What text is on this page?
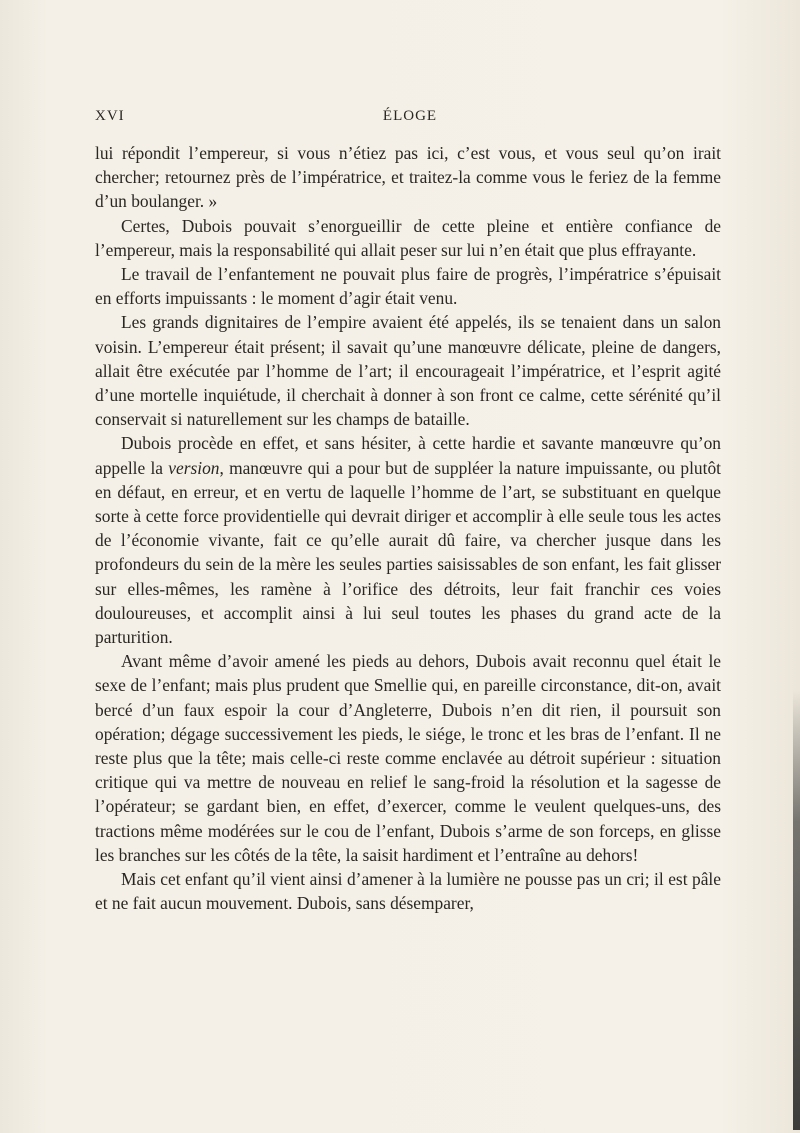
XVI	ÉLOGE

lui répondit l’empereur, si vous n’étiez pas ici, c’est vous, et vous seul qu’on irait chercher; retournez près de l’impératrice, et traitez-la comme vous le feriez de la femme d’un boulanger. »

Certes, Dubois pouvait s’enorgueillir de cette pleine et entière confiance de l’empereur, mais la responsabilité qui allait peser sur lui n’en était que plus effrayante.

Le travail de l’enfantement ne pouvait plus faire de progrès, l’impératrice s’épuisait en efforts impuissants : le moment d’agir était venu.

Les grands dignitaires de l’empire avaient été appelés, ils se tenaient dans un salon voisin. L’empereur était présent; il savait qu’une manœuvre délicate, pleine de dangers, allait être exécutée par l’homme de l’art; il encourageait l’impératrice, et l’esprit agité d’une mortelle inquiétude, il cherchait à donner à son front ce calme, cette sérénité qu’il conservait si naturellement sur les champs de bataille.

Dubois procède en effet, et sans hésiter, à cette hardie et savante manœuvre qu’on appelle la version, manœuvre qui a pour but de suppléer la nature impuissante, ou plutôt en défaut, en erreur, et en vertu de laquelle l’homme de l’art, se substituant en quelque sorte à cette force providentielle qui devrait diriger et accomplir à elle seule tous les actes de l’économie vivante, fait ce qu’elle aurait dû faire, va chercher jusque dans les profondeurs du sein de la mère les seules parties saisissables de son enfant, les fait glisser sur elles-mêmes, les ramène à l’orifice des détroits, leur fait franchir ces voies douloureuses, et accomplit ainsi à lui seul toutes les phases du grand acte de la parturition.

Avant même d’avoir amené les pieds au dehors, Dubois avait reconnu quel était le sexe de l’enfant; mais plus prudent que Smellie qui, en pareille circonstance, dit-on, avait bercé d’un faux espoir la cour d’Angleterre, Dubois n’en dit rien, il poursuit son opération; dégage successivement les pieds, le siége, le tronc et les bras de l’enfant. Il ne reste plus que la tête; mais celle-ci reste comme enclavée au détroit supérieur : situation critique qui va mettre de nouveau en relief le sang-froid la résolution et la sagesse de l’opérateur; se gardant bien, en effet, d’exercer, comme le veulent quelques-uns, des tractions même modérées sur le cou de l’enfant, Dubois s’arme de son forceps, en glisse les branches sur les côtés de la tête, la saisit hardiment et l’entraîne au dehors!

Mais cet enfant qu’il vient ainsi d’amener à la lumière ne pousse pas un cri; il est pâle et ne fait aucun mouvement. Dubois, sans désemparer,
